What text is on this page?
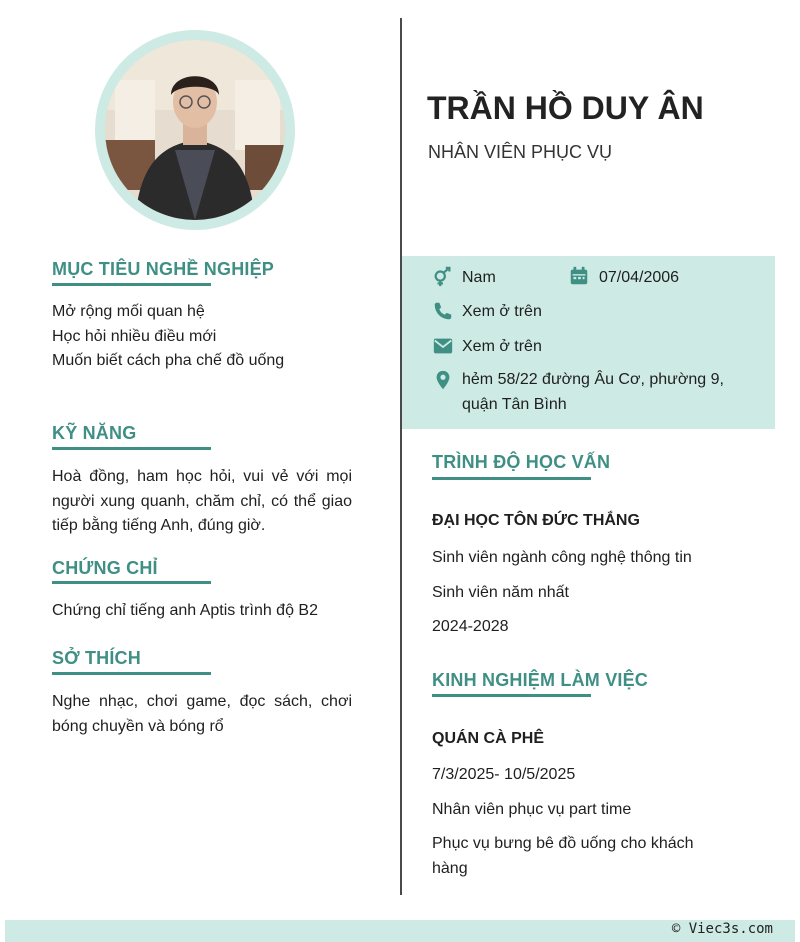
TRẦN HỒ DUY ÂN
NHÂN VIÊN PHỤC VỤ
Nam	07/04/2006
Xem ở trên
Xem ở trên
hẻm 58/22 đường Âu Cơ, phường 9,
quận Tân Bình
MỤC TIÊU NGHỀ NGHIỆP
Mở rộng mối quan hệ
Học hỏi nhiều điều mới
Muốn biết cách pha chế đồ uống
KỸ NĂNG
Hoà đồng, ham học hỏi, vui vẻ với mọi người xung quanh, chăm chỉ, có thể giao tiếp bằng tiếng Anh, đúng giờ.
CHỨNG CHỈ
Chứng chỉ tiếng anh Aptis trình độ B2
SỞ THÍCH
Nghe nhạc, chơi game, đọc sách, chơi bóng chuyền và bóng rổ
TRÌNH ĐỘ HỌC VẤN
ĐẠI HỌC TÔN ĐỨC THẮNG
Sinh viên ngành công nghệ thông tin
Sinh viên năm nhất
2024-2028
KINH NGHIỆM LÀM VIỆC
QUÁN CÀ PHÊ
7/3/2025- 10/5/2025
Nhân viên phục vụ part time
Phục vụ bưng bê đồ uống cho khách
hàng
© Viec3s.com
